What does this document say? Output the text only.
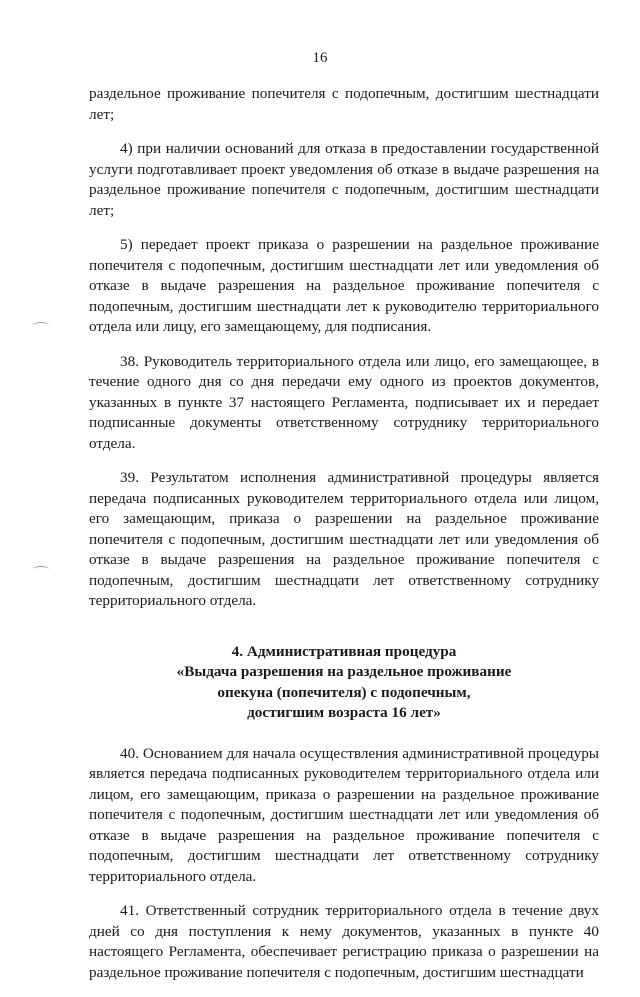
16

раздельное проживание попечителя с подопечным, достигшим шестнадцати лет;

4) при наличии оснований для отказа в предоставлении государственной услуги подготавливает проект уведомления об отказе в выдаче разрешения на раздельное проживание попечителя с подопечным, достигшим шестнадцати лет;

5) передает проект приказа о разрешении на раздельное проживание попечителя с подопечным, достигшим шестнадцати лет или уведомления об отказе в выдаче разрешения на раздельное проживание попечителя с подопечным, достигшим шестнадцати лет к руководителю территориального отдела или лицу, его замещающему, для подписания.

38. Руководитель территориального отдела или лицо, его замещающее, в течение одного дня со дня передачи ему одного из проектов документов, указанных в пункте 37 настоящего Регламента, подписывает их и передает подписанные документы ответственному сотруднику территориального отдела.

39. Результатом исполнения административной процедуры является передача подписанных руководителем территориального отдела или лицом, его замещающим, приказа о разрешении на раздельное проживание попечителя с подопечным, достигшим шестнадцати лет или уведомления об отказе в выдаче разрешения на раздельное проживание попечителя с подопечным, достигшим шестнадцати лет ответственному сотруднику территориального отдела.

4. Административная процедура
«Выдача разрешения на раздельное проживание
опекуна (попечителя) с подопечным,
достигшим возраста 16 лет»

40. Основанием для начала осуществления административной процедуры является передача подписанных руководителем территориального отдела или лицом, его замещающим, приказа о разрешении на раздельное проживание попечителя с подопечным, достигшим шестнадцати лет или уведомления об отказе в выдаче разрешения на раздельное проживание попечителя с подопечным, достигшим шестнадцати лет ответственному сотруднику территориального отдела.

41. Ответственный сотрудник территориального отдела в течение двух дней со дня поступления к нему документов, указанных в пункте 40 настоящего Регламента, обеспечивает регистрацию приказа о разрешении на раздельное проживание попечителя с подопечным, достигшим шестнадцати
